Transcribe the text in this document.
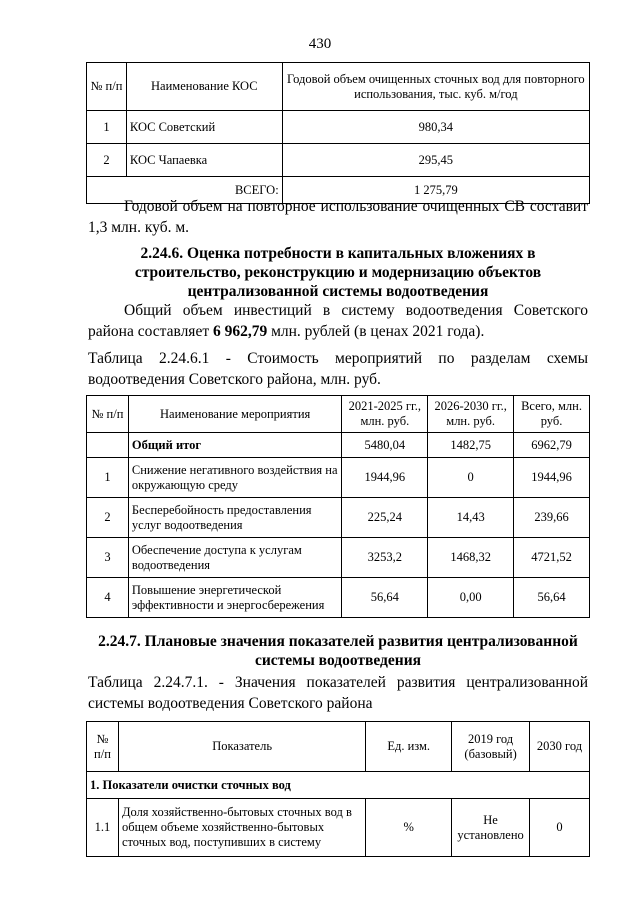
430
№ п/п	Наименование КОС	Годовой объем очищенных сточных вод для повторного использования, тыс. куб. м/год
1	КОС Советский	980,34
2	КОС Чапаевка	295,45
ВСЕГО:		1 275,79
Годовой объем на повторное использование очищенных СВ составит 1,3 млн. куб. м.
2.24.6. Оценка потребности в капитальных вложениях в строительство, реконструкцию и модернизацию объектов централизованной системы водоотведения
Общий объем инвестиций в систему водоотведения Советского района составляет 6 962,79 млн. рублей (в ценах 2021 года).
Таблица 2.24.6.1 - Стоимость мероприятий по разделам схемы водоотведения Советского района, млн. руб.
№ п/п	Наименование мероприятия	2021-2025 гг., млн. руб.	2026-2030 гг., млн. руб.	Всего, млн. руб.
	Общий итог	5480,04	1482,75	6962,79
1	Снижение негативного воздействия на окружающую среду	1944,96	0	1944,96
2	Бесперебойность предоставления услуг водоотведения	225,24	14,43	239,66
3	Обеспечение доступа к услугам водоотведения	3253,2	1468,32	4721,52
4	Повышение энергетической эффективности и энергосбережения	56,64	0,00	56,64
2.24.7. Плановые значения показателей развития централизованной системы водоотведения
Таблица 2.24.7.1. - Значения показателей развития централизованной системы водоотведения Советского района
№ п/п	Показатель	Ед. изм.	2019 год (базовый)	2030 год
1. Показатели очистки сточных вод				
1.1	Доля хозяйственно-бытовых сточных вод в общем объеме хозяйственно-бытовых сточных вод, поступивших в систему	%	Не установлено	0
